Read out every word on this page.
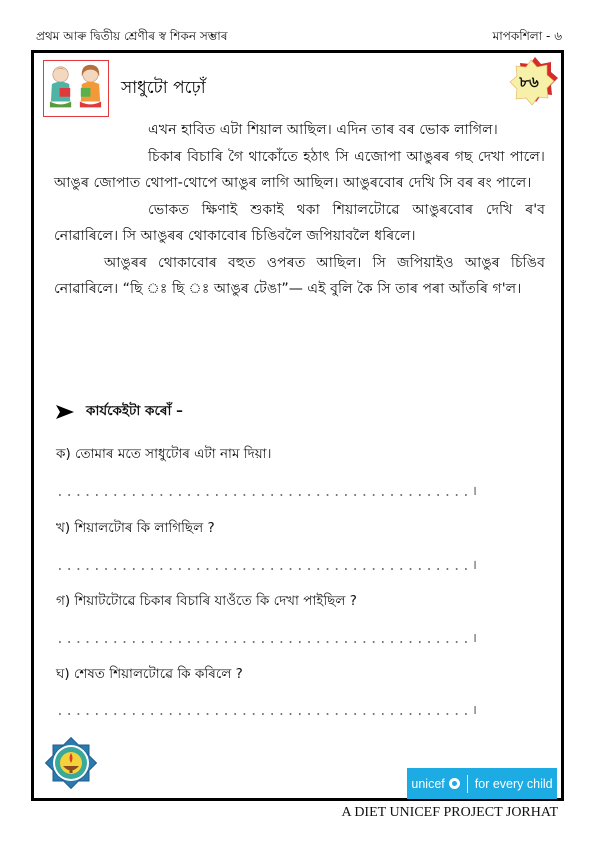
প্ৰথম আৰু দ্বিতীয় শ্ৰেণীৰ স্ব শিকন সম্ভাৰ	মাপকশিলা - ৬
সাধুটো পঢ়োঁ	৮৬

এখন হাবিত এটা শিয়াল আছিল। এদিন তাৰ বৰ ভোক লাগিল।

চিকাৰ বিচাৰি গৈ থাকোঁতে হঠাৎ সি এজোপা আঙুৰৰ গছ দেখা পালে। আঙুৰ জোপাত থোপা-থোপে আঙুৰ লাগি আছিল। আঙুৰবোৰ দেখি সি বৰ ৰং পালে।

ভোকত ক্ষিণাই শুকাই থকা শিয়ালটোৱে আঙুৰবোৰ দেখি ৰ'ব নোৱাৰিলে। সি আঙুৰৰ থোকাবোৰ চিঙিবলৈ জপিয়াবলৈ ধৰিলে।

আঙুৰৰ থোকাবোৰ বহুত ওপৰত আছিল। সি জপিয়াইও আঙুৰ চিঙিব নোৱাৰিলে। “ছি ঃ ছি ঃ আঙুৰ টেঙা”— এই বুলি কৈ সি তাৰ পৰা আঁতৰি গ'ল।

কাৰ্যকেইটা কৰোঁ –
ক) তোমাৰ মতে সাধুটোৰ এটা নাম দিয়া।
..................................................................
।
খ) শিয়ালটোৰ কি লাগিছিল ?
..................................................................
।
গ) শিয়াটটোৱে চিকাৰ বিচাৰি যাওঁতে কি দেখা পাইছিল ?
..................................................................
।
ঘ) শেষত শিয়ালটোৱে কি কৰিলে ?
..................................................................
।
unicef for every child
A DIET UNICEF PROJECT JORHAT
